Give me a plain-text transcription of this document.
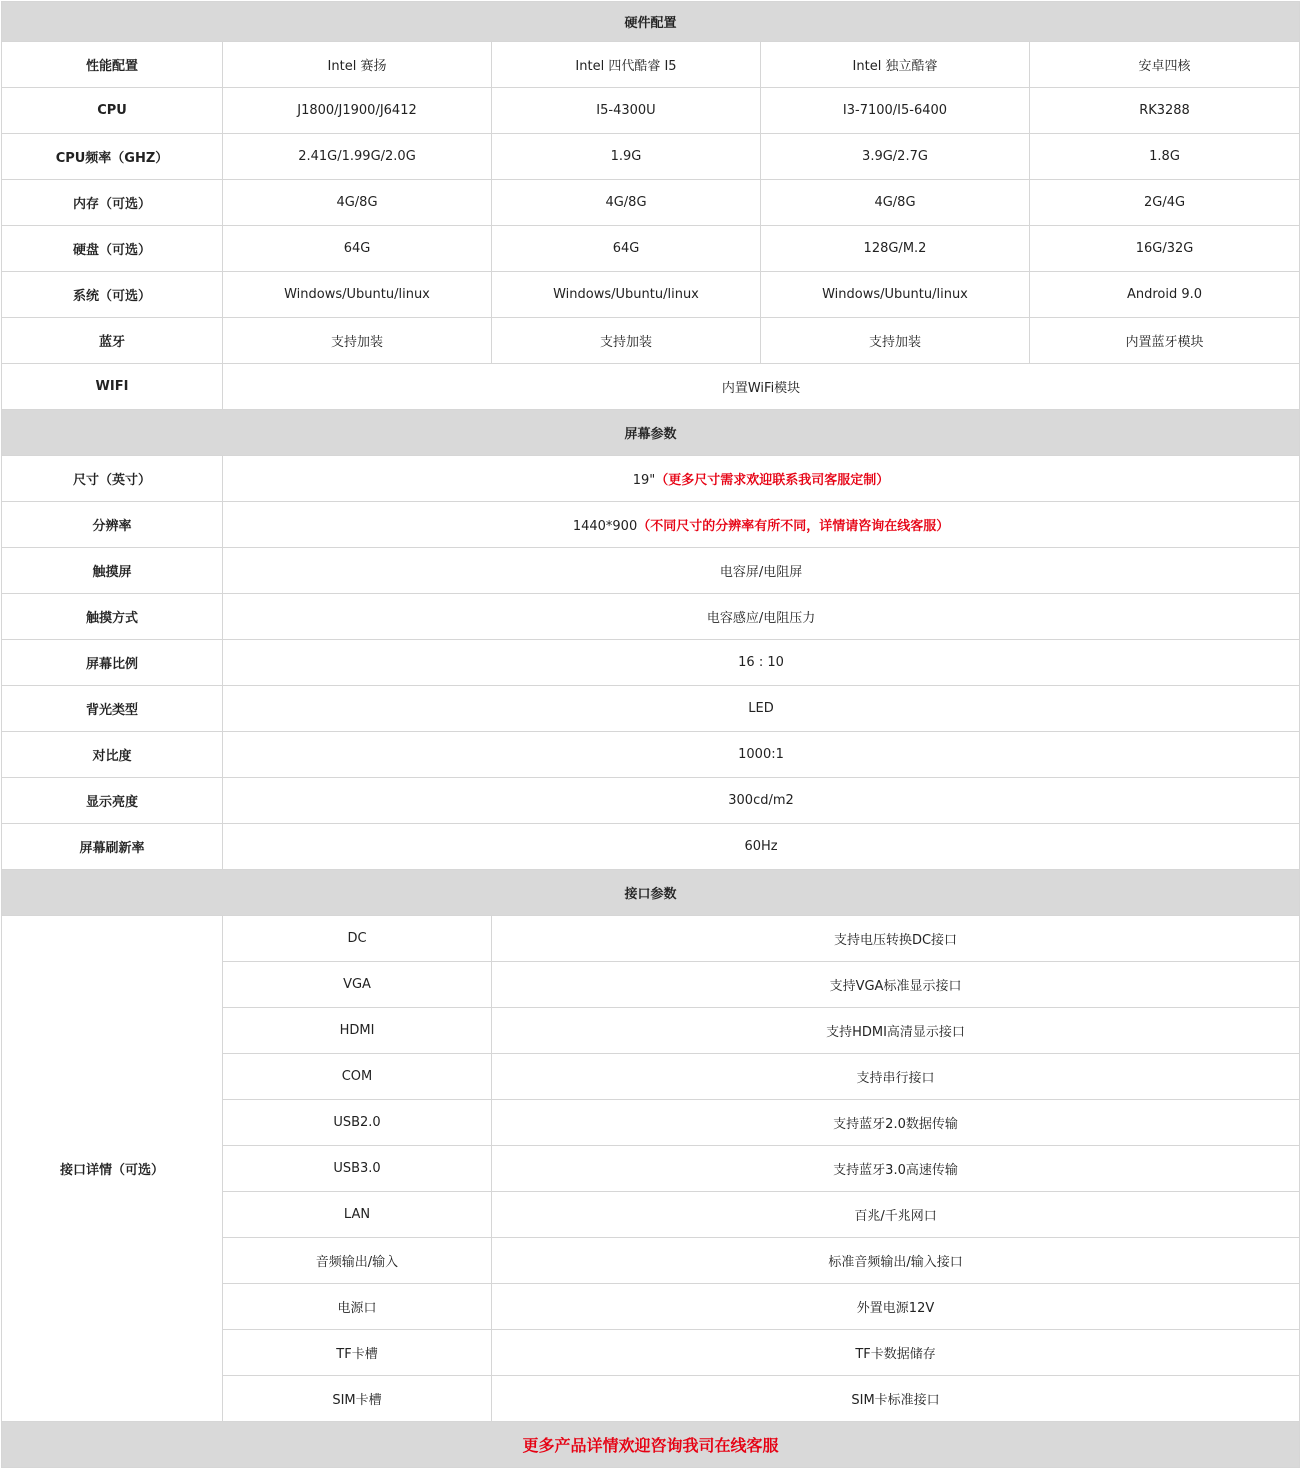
硬件配置				
性能配置	Intel 赛扬	Intel 四代酷睿 I5	Intel 独立酷睿	安卓四核
CPU	J1800/J1900/J6412	I5-4300U	I3-7100/I5-6400	RK3288
CPU频率（GHZ）	2.41G/1.99G/2.0G	1.9G	3.9G/2.7G	1.8G
内存（可选）	4G/8G	4G/8G	4G/8G	2G/4G
硬盘（可选）	64G	64G	128G/M.2	16G/32G
系统（可选）	Windows/Ubuntu/linux	Windows/Ubuntu/linux	Windows/Ubuntu/linux	Android 9.0
蓝牙	支持加装	支持加装	支持加装	内置蓝牙模块
WIFI	内置WiFi模块			
屏幕参数				
尺寸（英寸）	19"（更多尺寸需求欢迎联系我司客服定制）			
分辨率	1440*900（不同尺寸的分辨率有所不同，详情请咨询在线客服）			
触摸屏	电容屏/电阻屏			
触摸方式	电容感应/电阻压力			
屏幕比例	16 : 10			
背光类型	LED			
对比度	1000:1			
显示亮度	300cd/m2			
屏幕刷新率	60Hz			
接口参数				
接口详情（可选）	DC	支持电压转换DC接口		
	VGA	支持VGA标准显示接口		
	HDMI	支持HDMI高清显示接口		
	COM	支持串行接口		
	USB2.0	支持蓝牙2.0数据传输		
	USB3.0	支持蓝牙3.0高速传输		
	LAN	百兆/千兆网口		
	音频输出/输入	标准音频输出/输入接口		
	电源口	外置电源12V		
	TF卡槽	TF卡数据储存		
	SIM卡槽	SIM卡标准接口		
更多产品详情欢迎咨询我司在线客服				
